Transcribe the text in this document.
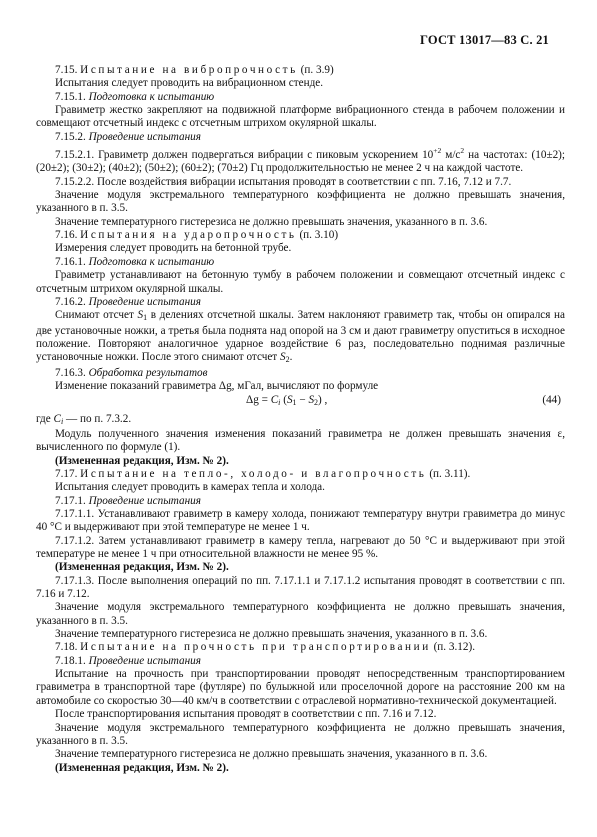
ГОСТ 13017—83 С. 21

7.15. Испытание на вибропрочность (п. 3.9)

Испытания следует проводить на вибрационном стенде.

7.15.1. Подготовка к испытанию

Гравиметр жестко закрепляют на подвижной платформе вибрационного стенда в рабочем положении и совмещают отсчетный индекс с отсчетным штрихом окулярной шкалы.

7.15.2. Проведение испытания

7.15.2.1. Гравиметр должен подвергаться вибрации с пиковым ускорением $10^{+2}$ $м/с^2$ на частотах: (10±2); (20±2); (30±2); (40±2); (50±2); (60±2); (70±2) Гц продолжительностью не менее 2 ч на каждой частоте.

7.15.2.2. После воздействия вибрации испытания проводят в соответствии с пп. 7.16, 7.12 и 7.7.

Значение модуля экстремального температурного коэффициента не должно превышать значения, указанного в п. 3.5.

Значение температурного гистерезиса не должно превышать значения, указанного в п. 3.6.

7.16. Испытания на ударопрочность (п. 3.10)

Измерения следует проводить на бетонной трубе.

7.16.1. Подготовка к испытанию

Гравиметр устанавливают на бетонную тумбу в рабочем положении и совмещают отсчетный индекс с отсчетным штрихом окулярной шкалы.

7.16.2. Проведение испытания

Снимают отсчет $S_1$ в делениях отсчетной шкалы. Затем наклоняют гравиметр так, чтобы он опирался на две установочные ножки, а третья была поднята над опорой на 3 см и дают гравиметру опуститься в исходное положение. Повторяют аналогичное ударное воздействие 6 раз, последовательно поднимая различные установочные ножки. После этого снимают отсчет $S_2$.

7.16.3. Обработка результатов

Изменение показаний гравиметра Δg, мГал, вычисляют по формуле

$\Delta g = C_i$ $(S_1 - S_2)$ ,	(44)

где $C_i$ — по п. 7.3.2.

Модуль полученного значения изменения показаний гравиметра не должен превышать значения ε, вычисленного по формуле (1).

(Измененная редакция, Изм. № 2).

7.17. Испытание на тепло-, холодо- и влагопрочность (п. 3.11).

Испытания следует проводить в камерах тепла и холода.

7.17.1. Проведение испытания

7.17.1.1. Устанавливают гравиметр в камеру холода, понижают температуру внутри гравиметра до минус 40 °С и выдерживают при этой температуре не менее 1 ч.

7.17.1.2. Затем устанавливают гравиметр в камеру тепла, нагревают до 50 °С и выдерживают при этой температуре не менее 1 ч при относительной влажности не менее 95 %.

(Измененная редакция, Изм. № 2).

7.17.1.3. После выполнения операций по пп. 7.17.1.1 и 7.17.1.2 испытания проводят в соответствии с пп. 7.16 и 7.12.

Значение модуля экстремального температурного коэффициента не должно превышать значения, указанного в п. 3.5.

Значение температурного гистерезиса не должно превышать значения, указанного в п. 3.6.

7.18. Испытание на прочность при транспортировании (п. 3.12).

7.18.1. Проведение испытания

Испытание на прочность при транспортировании проводят непосредственным транспортированием гравиметра в транспортной таре (футляре) по булыжной или проселочной дороге на расстояние 200 км на автомобиле со скоростью 30—40 км/ч в соответствии с отраслевой нормативно-технической документацией.

После транспортирования испытания проводят в соответствии с пп. 7.16 и 7.12.

Значение модуля экстремального температурного коэффициента не должно превышать значения, указанного в п. 3.5.

Значение температурного гистерезиса не должно превышать значения, указанного в п. 3.6.

(Измененная редакция, Изм. № 2).
